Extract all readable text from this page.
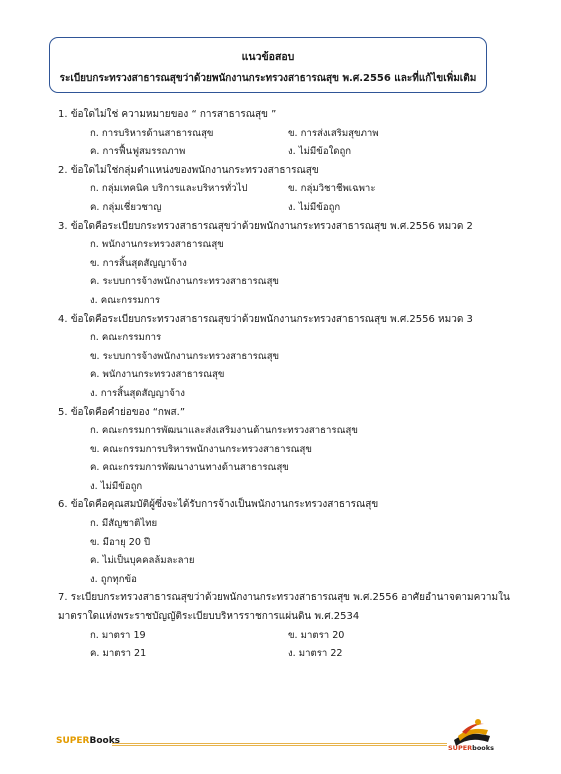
แนวข้อสอบ
ระเบียบกระทรวงสาธารณสุขว่าด้วยพนักงานกระทรวงสาธารณสุข พ.ศ.2556 และที่แก้ไขเพิ่มเติม
1. ข้อใดไม่ใช่ ความหมายของ “ การสาธารณสุข ”
ก. การบริหารด้านสาธารณสุข	ข. การส่งเสริมสุขภาพ
ค. การฟื้นฟูสมรรถภาพ	ง. ไม่มีข้อใดถูก
2. ข้อใดไม่ใช่กลุ่มตำแหน่งของพนักงานกระทรวงสาธารณสุข
ก. กลุ่มเทคนิค บริการและบริหารทั่วไป	ข. กลุ่มวิชาชีพเฉพาะ
ค. กลุ่มเชี่ยวชาญ	ง. ไม่มีข้อถูก
3. ข้อใดคือระเบียบกระทรวงสาธารณสุขว่าด้วยพนักงานกระทรวงสาธารณสุข พ.ศ.2556 หมวด 2
ก. พนักงานกระทรวงสาธารณสุข
ข. การสิ้นสุดสัญญาจ้าง
ค. ระบบการจ้างพนักงานกระทรวงสาธารณสุข
ง. คณะกรรมการ
4. ข้อใดคือระเบียบกระทรวงสาธารณสุขว่าด้วยพนักงานกระทรวงสาธารณสุข พ.ศ.2556 หมวด 3
ก. คณะกรรมการ
ข. ระบบการจ้างพนักงานกระทรวงสาธารณสุข
ค. พนักงานกระทรวงสาธารณสุข
ง. การสิ้นสุดสัญญาจ้าง
5. ข้อใดคือคำย่อของ “กพส.”
ก. คณะกรรมการพัฒนาและส่งเสริมงานด้านกระทรวงสาธารณสุข
ข. คณะกรรมการบริหารพนักงานกระทรวงสาธารณสุข
ค. คณะกรรมการพัฒนางานทางด้านสาธารณสุข
ง. ไม่มีข้อถูก
6. ข้อใดคือคุณสมบัติผู้ซึ่งจะได้รับการจ้างเป็นพนักงานกระทรวงสาธารณสุข
ก. มีสัญชาติไทย
ข. มีอายุ 20 ปี
ค. ไม่เป็นบุคคลล้มละลาย
ง. ถูกทุกข้อ
7. ระเบียบกระทรวงสาธารณสุขว่าด้วยพนักงานกระทรวงสาธารณสุข พ.ศ.2556 อาศัยอำนาจตามความในมาตราใดแห่งพระราชบัญญัติระเบียบบริหารราชการแผ่นดิน พ.ศ.2534
ก. มาตรา 19	ข. มาตรา 20
ค. มาตรา 21	ง. มาตรา 22
SUPERBooks
SUPERbooks
